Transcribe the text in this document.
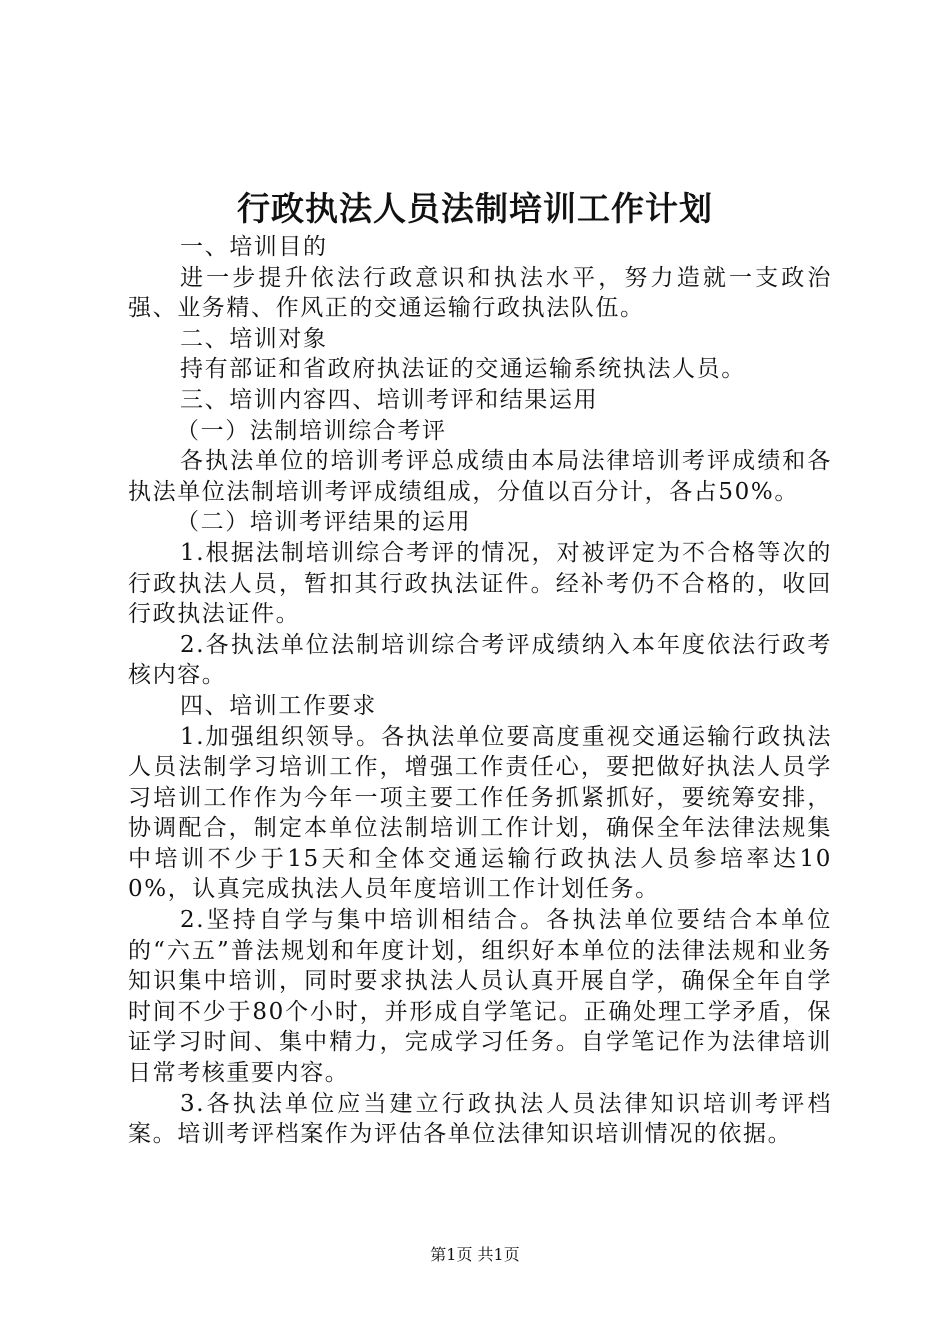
行政执法人员法制培训工作计划

一、培训目的

进一步提升依法行政意识和执法水平，努力造就一支政治强、业务精、作风正的交通运输行政执法队伍。

二、培训对象

持有部证和省政府执法证的交通运输系统执法人员。

三、培训内容四、培训考评和结果运用

（一）法制培训综合考评

各执法单位的培训考评总成绩由本局法律培训考评成绩和各执法单位法制培训考评成绩组成，分值以百分计，各占50%。

（二）培训考评结果的运用

1.根据法制培训综合考评的情况，对被评定为不合格等次的行政执法人员，暂扣其行政执法证件。经补考仍不合格的，收回行政执法证件。

2.各执法单位法制培训综合考评成绩纳入本年度依法行政考核内容。

四、培训工作要求

1.加强组织领导。各执法单位要高度重视交通运输行政执法人员法制学习培训工作，增强工作责任心，要把做好执法人员学习培训工作作为今年一项主要工作任务抓紧抓好，要统筹安排，协调配合，制定本单位法制培训工作计划，确保全年法律法规集中培训不少于15天和全体交通运输行政执法人员参培率达100%，认真完成执法人员年度培训工作计划任务。

2.坚持自学与集中培训相结合。各执法单位要结合本单位的“六五”普法规划和年度计划，组织好本单位的法律法规和业务知识集中培训，同时要求执法人员认真开展自学，确保全年自学时间不少于80个小时，并形成自学笔记。正确处理工学矛盾，保证学习时间、集中精力，完成学习任务。自学笔记作为法律培训日常考核重要内容。

3.各执法单位应当建立行政执法人员法律知识培训考评档案。培训考评档案作为评估各单位法律知识培训情况的依据。

第1页 共1页
